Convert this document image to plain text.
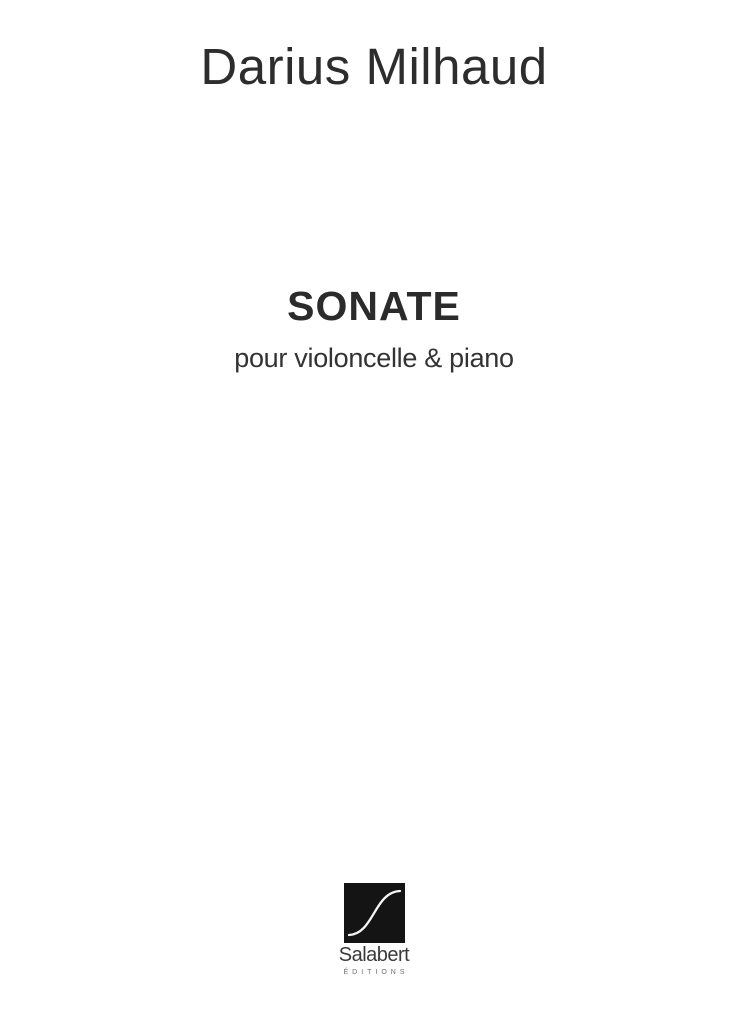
Darius Milhaud
SONATE

pour violoncelle & piano

Salabert
ÉDITIONS
